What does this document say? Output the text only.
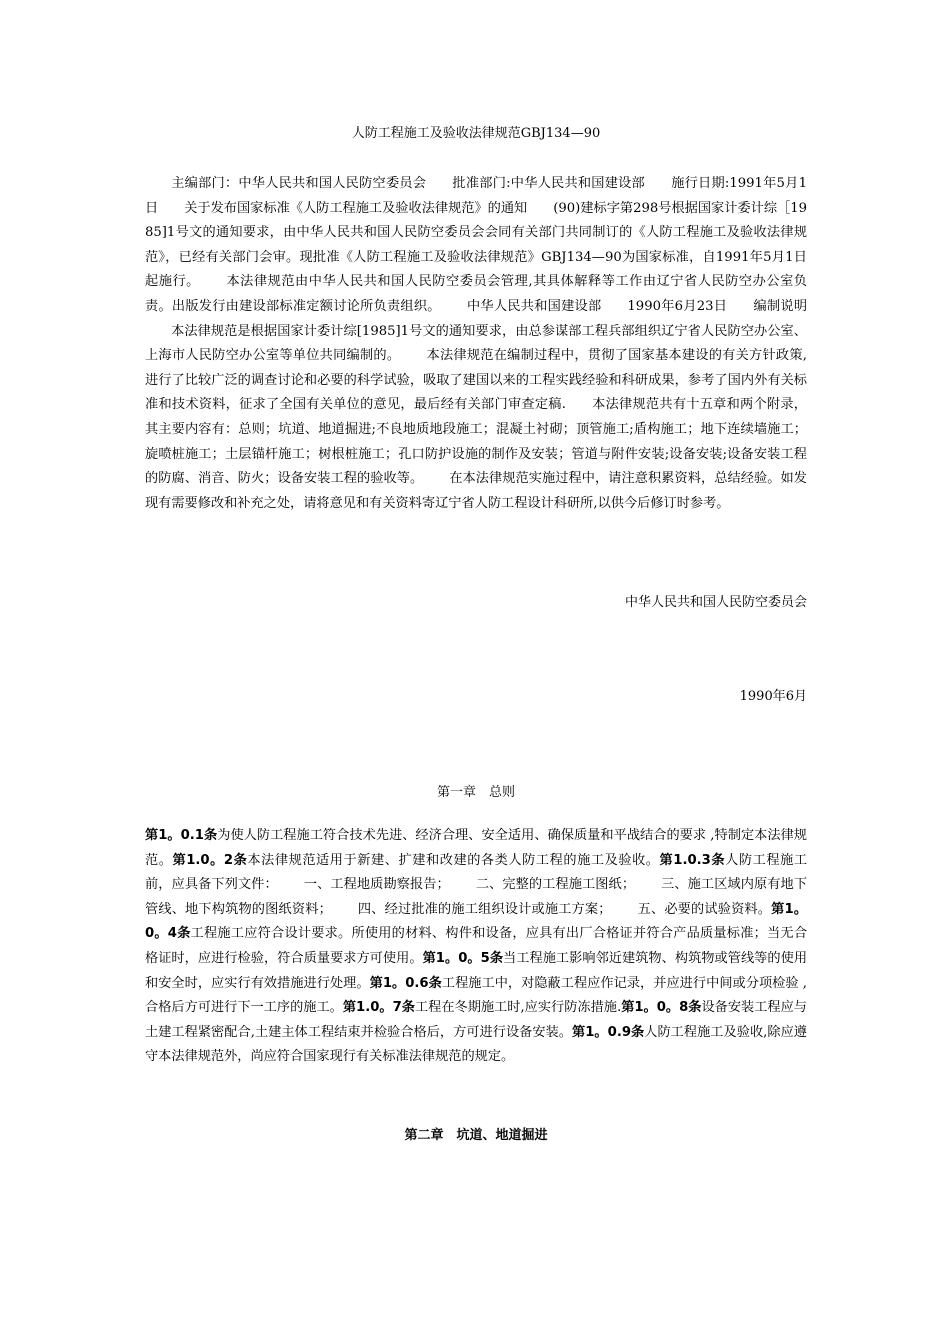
人防工程施工及验收法律规范GBJ134—90
主编部门：中华人民共和国人民防空委员会 批准部门:中华人民共和国建设部 施行日期:1991年5月1日 关于发布国家标准《人防工程施工及验收法律规范》的通知 (90)建标字第298号根据国家计委计综［1985]1号文的通知要求，由中华人民共和国人民防空委员会会同有关部门共同制订的《人防工程施工及验收法律规范》，已经有关部门会审。现批准《人防工程施工及验收法律规范》GBJ134—90为国家标准，自1991年5月1日起施行。 本法律规范由中华人民共和国人民防空委员会管理,其具体解释等工作由辽宁省人民防空办公室负责。出版发行由建设部标准定额讨论所负责组织。 中华人民共和国建设部 1990年6月23日 编制说明本法律规范是根据国家计委计综[1985]1号文的通知要求，由总参谋部工程兵部组织辽宁省人民防空办公室、上海市人民防空办公室等单位共同编制的。 本法律规范在编制过程中，贯彻了国家基本建设的有关方针政策,进行了比较广泛的调查讨论和必要的科学试验，吸取了建国以来的工程实践经验和科研成果，参考了国内外有关标准和技术资料，征求了全国有关单位的意见，最后经有关部门审查定稿. 本法律规范共有十五章和两个附录，其主要内容有：总则；坑道、地道掘进;不良地质地段施工；混凝土衬砌；顶管施工;盾构施工；地下连续墙施工；旋喷桩施工；土层锚杆施工；树根桩施工；孔口防护设施的制作及安装；管道与附件安装;设备安装;设备安装工程的防腐、消音、防火；设备安装工程的验收等。 在本法律规范实施过程中，请注意积累资料，总结经验。如发现有需要修改和补充之处，请将意见和有关资料寄辽宁省人防工程设计科研所,以供今后修订时参考。
中华人民共和国人民防空委员会
1990年6月
第一章　总则
第1。0.1条为使人防工程施工符合技术先进、经济合理、安全适用、确保质量和平战结合的要求 ,特制定本法律规范。第1.0。2条本法律规范适用于新建、扩建和改建的各类人防工程的施工及验收。第1.0.3条人防工程施工前，应具备下列文件： 一、工程地质勘察报告； 二、完整的工程施工图纸； 三、施工区域内原有地下管线、地下构筑物的图纸资料； 四、经过批准的施工组织设计或施工方案； 五、必要的试验资料。第1。0。4条工程施工应符合设计要求。所使用的材料、构件和设备，应具有出厂合格证并符合产品质量标准；当无合格证时，应进行检验，符合质量要求方可使用。第1。0。5条当工程施工影响邻近建筑物、构筑物或管线等的使用和安全时，应实行有效措施进行处理。第1。0.6条工程施工中，对隐蔽工程应作记录，并应进行中间或分项检验 ,合格后方可进行下一工序的施工。第1.0。7条工程在冬期施工时,应实行防冻措施.第1。0。8条设备安装工程应与土建工程紧密配合,土建主体工程结束并检验合格后，方可进行设备安装。第1。0.9条人防工程施工及验收,除应遵守本法律规范外，尚应符合国家现行有关标准法律规范的规定。
第二章　坑道、地道掘进
